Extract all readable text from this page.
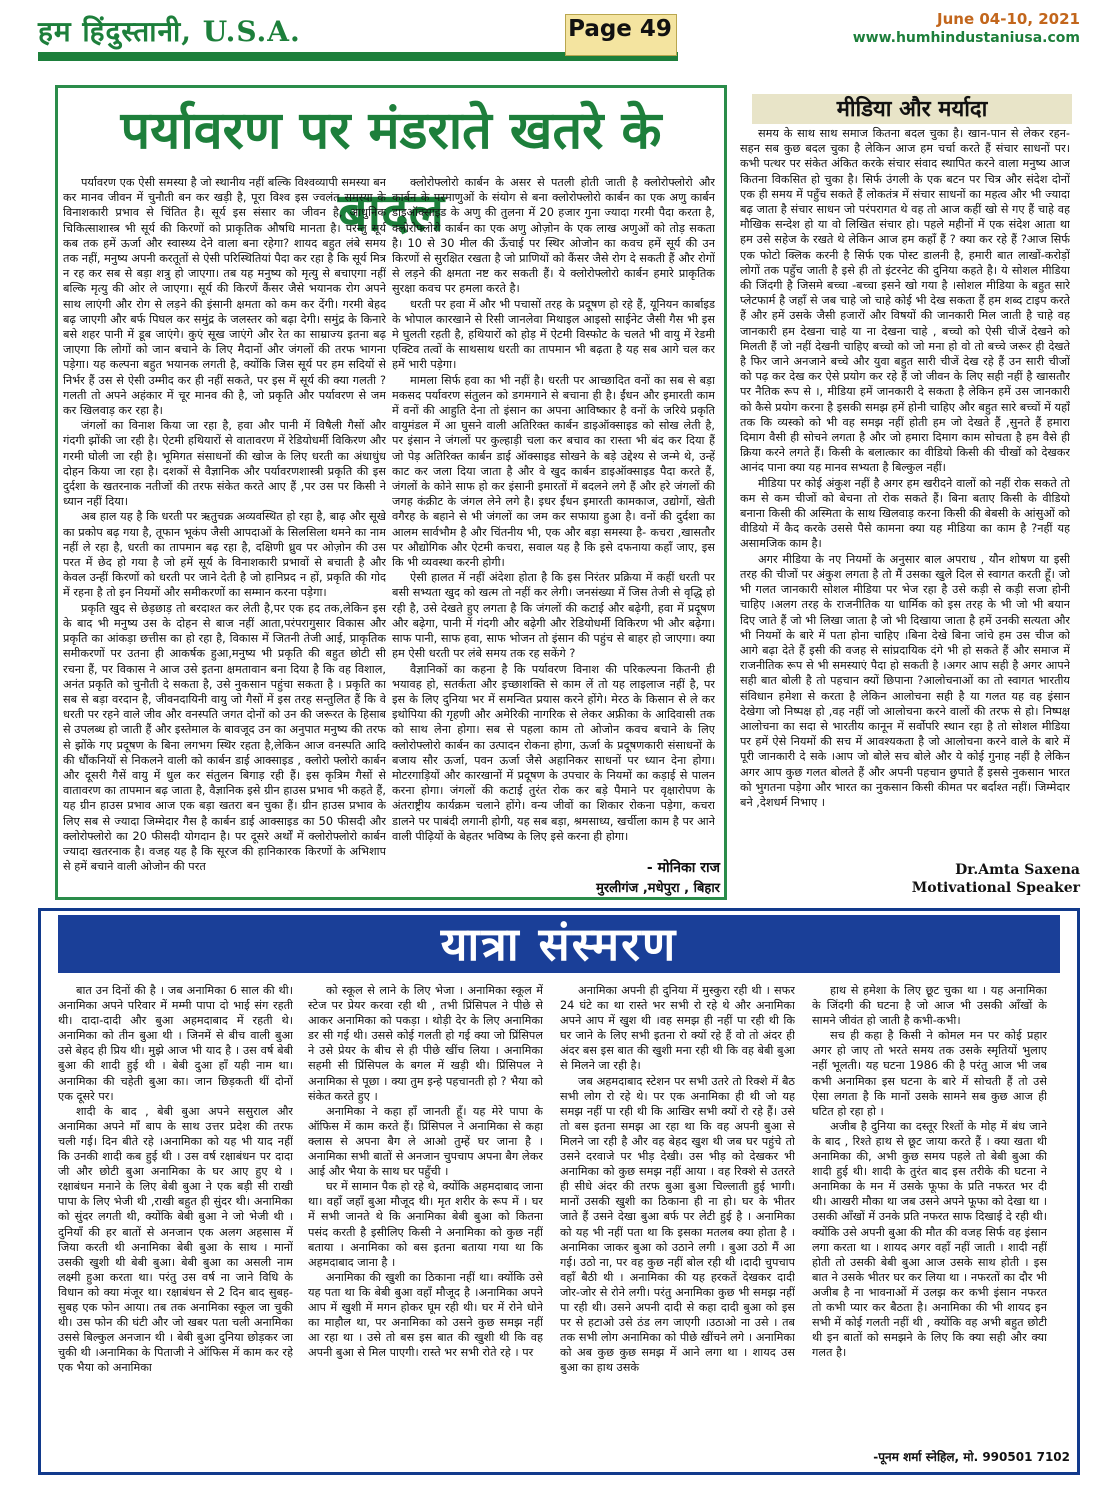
हम हिंदुस्तानी, U.S.A.	Page 49	June 04-10, 2021
www.humhindustaniusa.com
पर्यावरण पर मंडराते खतरे के बादल

पर्यावरण एक ऐसी समस्या है जो स्थानीय नहीं बल्कि विश्वव्यापी समस्या बन कर मानव जीवन में चुनौती बन कर खड़ी है, पूरा विश्व इस ज्वलंत समस्या के विनाशकारी प्रभाव से चिंतित है। सूर्य इस संसार का जीवन है, आधुनिक चिकित्साशास्त्र भी सूर्य की किरणों को प्राकृतिक औषधि मानता है। परन्तु सूर्य कब तक हमें ऊर्जा और स्वास्थ्य देने वाला बना रहेगा? शायद बहुत लंबे समय तक नहीं, मनुष्य अपनी करतूतों से ऐसी परिस्थितियां पैदा कर रहा है कि सूर्य मित्र न रह कर सब से बड़ा शत्रु हो जाएगा। तब यह मनुष्य को मृत्यु से बचाएगा नहीं बल्कि मृत्यु की ओर ले जाएगा। सूर्य की किरणें कैंसर जैसे भयानक रोग अपने साथ लाएंगी और रोग से लड़ने की इंसानी क्षमता को कम कर देंगी। गरमी बेहद बढ़ जाएगी और बर्फ पिघल कर समुंद्र के जलस्तर को बढ़ा देगी। समुंद्र के किनारे बसे शहर पानी में डूब जाएंगे। कुएं सूख जाएंगे और रेत का साम्राज्य इतना बढ़ जाएगा कि लोगों को जान बचाने के लिए मैदानों और जंगलों की तरफ भागना पड़ेगा। यह कल्पना बहुत भयानक लगती है, क्योंकि जिस सूर्य पर हम सदियों से निर्भर हैं उस से ऐसी उम्मीद कर ही नहीं सकते, पर इस में सूर्य की क्या गलती ? गलती तो अपने अहंकार में चूर मानव की है, जो प्रकृति और पर्यावरण से जम कर खिलवाड़ कर रहा है।

जंगलों का विनाश किया जा रहा है, हवा और पानी में विषैली गैसों और गंदगी झोंकी जा रही है। ऐटमी हथियारों से वातावरण में रेडियोधर्मी विकिरण और गरमी घोली जा रही है। भूमिगत संसाधनों की खोज के लिए धरती का अंधाधुंध दोहन किया जा रहा है। दशकों से वैज्ञानिक और पर्यावरणशास्त्री प्रकृति की इस दुर्दशा के खतरनाक नतीजों की तरफ संकेत करते आए हैं ,पर उस पर किसी ने ध्यान नहीं दिया।

अब हाल यह है कि धरती पर ऋतुचक्र अव्यवस्थित हो रहा है, बाढ़ और सूखे का प्रकोप बढ़ गया है, तूफान भूकंप जैसी आपदाओं के सिलसिला थमने का नाम नहीं ले रहा है, धरती का तापमान बढ़ रहा है, दक्षिणी ध्रुव पर ओज़ोन की उस परत में छेद हो गया है जो हमें सूर्य के विनाशकारी प्रभावों से बचाती है और केवल उन्हीं किरणों को धरती पर जाने देती है जो हानिप्रद न हों, प्रकृति की गोद में रहना है तो इन नियमों और समीकरणों का सम्मान करना पड़ेगा।

प्रकृति खुद से छेड़छाड़ तो बरदाश्त कर लेती है,पर एक हद तक,लेकिन इस के बाद भी मनुष्य उस के दोहन से बाज नहीं आता,परंपरागुसार विकास और प्रकृति का आंकड़ा छत्तीस का हो रहा है, विकास में जितनी तेजी आई, प्राकृतिक समीकरणों पर उतना ही आकर्षक हुआ,मनुष्य भी प्रकृति की बहुत छोटी सी रचना हैं, पर विकास ने आज उसे इतना क्षमतावान बना दिया है कि वह विशाल, अनंत प्रकृति को चुनौती दे सकता है, उसे नुकसान पहुंचा सकता है । प्रकृति का सब से बड़ा वरदान है, जीवनदायिनी वायु जो गैसों में इस तरह सन्तुलित हैं कि वे धरती पर रहने वाले जीव और वनस्पति जगत दोनों को उन की जरूरत के हिसाब से उपलब्ध हो जाती हैं और इस्तेमाल के बावजूद उन का अनुपात मनुष्य की तरफ से झोंके गए प्रदूषण के बिना लगभग स्थिर रहता है,लेकिन आज वनस्पति आदि की धौंकनियों से निकलने वाली को कार्बन डाई आक्साइड , क्लोरो फ्लोरो कार्बन और दूसरी गैसें वायु में धुल कर संतुलन बिगाड़ रही हैं। इस कृत्रिम गैसों से वातावरण का तापमान बढ़ जाता है, वैज्ञानिक इसे ग्रीन हाउस प्रभाव भी कहते हैं, यह ग्रीन हाउस प्रभाव आज एक बड़ा खतरा बन चुका हैं। ग्रीन हाउस प्रभाव के लिए सब से ज्यादा जिम्मेदार गैस है कार्बन डाई आक्साइड का 50 फीसदी और क्लोरोफ्लोरो का 20 फीसदी योगदान है। पर दूसरे अर्थों में क्लोरोफ्लोरो कार्बन ज्यादा खतरनाक है। वजह यह है कि सूरज की हानिकारक किरणों के अभिशाप से हमें बचाने वाली ओजोन की परत

क्लोरोफ्लोरो कार्बन के असर से पतली होती जाती है क्लोरोफ्लोरो और कार्बन के परमाणुओं के संयोग से बना क्लोरोफ्लोरो कार्बन का एक अणु कार्बन डाइऑक्साइड के अणु की तुलना में 20 हजार गुना ज्यादा गरमी पैदा करता है, क्लोरोफ्लोरो कार्बन का एक अणु ओज़ोन के एक लाख अणुओं को तोड़ सकता है। 10 से 30 मील की ऊँचाई पर स्थिर ओजोन का कवच हमें सूर्य की उन किरणों से सुरक्षित रखता है जो प्राणियों को कैंसर जैसे रोग दे सकती हैं और रोगों से लड़ने की क्षमता नष्ट कर सकती हैं। ये क्लोरोफ्लोरो कार्बन हमारे प्राकृतिक सुरक्षा कवच पर हमला करते है।

धरती पर हवा में और भी पचासों तरह के प्रदूषण हो रहे हैं, यूनियन कार्बाइड के भोपाल कारखाने से रिसी जानलेवा मिथाइल आइसो साईनेट जैसी गैस भी इस मे घुलती रहती है, हथियारों को होड़ में ऐटमी विस्फोट के चलते भी वायु में रेडमी एक्टिव तत्वों के साथसाथ धरती का तापमान भी बढ़ता है यह सब आगे चल कर हमें भारी पड़ेगा।

मामला सिर्फ हवा का भी नहीं है। धरती पर आच्छादित वनों का सब से बड़ा मकसद पर्यावरण संतुलन को डगमगाने से बचाना ही है। ईंधन और इमारती काम में वनों की आहुति देना तो इंसान का अपना आविष्कार है वनों के जरिये प्रकृति वायुमंडल में आ घुसने वाली अतिरिक्त कार्बन डाइऑक्साइड को सोख लेती है, पर इंसान ने जंगलों पर कुल्हाड़ी चला कर बचाव का रास्ता भी बंद कर दिया हैं जो पेड़ अतिरिक्त कार्बन डाई ऑक्साइड सोखने के बड़े उद्देश्य से जन्मे थे, उन्हें काट कर जला दिया जाता है और वे खुद कार्बन डाइऑक्साइड पैदा करते हैं, जंगलों के कोने साफ हो कर इंसानी इमारतों में बदलने लगे हैं और हरे जंगलों की जगह कंक्रीट के जंगल लेने लगे है। इधर ईंधन इमारती कामकाज, उद्योगों, खेती वगैरह के बहाने से भी जंगलों का जम कर सफाया हुआ है। वनों की दुर्दशा का आलम सार्वभौम है और चिंतनीय भी, एक और बड़ा समस्या है- कचरा ,खासतौर पर औद्योगिक और ऐटमी कचरा, सवाल यह है कि इसे दफनाया कहाँ जाए, इस कि भी व्यवस्था करनी होगी।

ऐसी हालत में नहीं अंदेशा होता है कि इस निरंतर प्रक्रिया में कहीं धरती पर बसी सभ्यता खुद को खत्म तो नहीं कर लेगी। जनसंख्या में जिस तेजी से वृद्धि हो रही है, उसे देखते हुए लगता है कि जंगलों की कटाई और बढ़ेगी, हवा में प्रदूषण और बढ़ेगा, पानी में गंदगी और बढ़ेगी और रेडियोधर्मी विकिरण भी और बढ़ेगा। साफ पानी, साफ हवा, साफ भोजन तो इंसान की पहुंच से बाहर हो जाएगा। क्या हम ऐसी धरती पर लंबे समय तक रह सकेंगे ?

वैज्ञानिकों का कहना है कि पर्यावरण विनाश की परिकल्पना कितनी ही भयावह हो, सतर्कता और इच्छाशक्ति से काम लें तो यह लाइलाज नहीं है, पर इस के लिए दुनिया भर में समन्वित प्रयास करने होंगे। मेरठ के किसान से ले कर इथोपिया की गृहणी और अमेरिकी नागरिक से लेकर अफ्रीका के आदिवासी तक को साथ लेना होगा। सब से पहला काम तो ओजोन कवच बचाने के लिए क्लोरोफ्लोरो कार्बन का उत्पादन रोकना होगा, ऊर्जा के प्रदूषणकारी संसाधनों के बजाय सौर ऊर्जा, पवन ऊर्जा जैसे अहानिकर साधनों पर ध्यान देना होगा। मोटरगाड़ियों और कारखानों में प्रदूषण के उपचार के नियमों का कड़ाई से पालन करना होगा। जंगलों की कटाई तुरंत रोक कर बड़े पैमाने पर वृक्षारोपण के अंतराष्ट्रीय कार्यक्रम चलाने होंगे। वन्य जीवों का शिकार रोकना पड़ेगा, कचरा डालने पर पाबंदी लगानी होगी, यह सब बड़ा, श्रमसाध्य, खर्चीला काम है पर आने वाली पीढ़ियों के बेहतर भविष्य के लिए इसे करना ही होगा।

- मोनिका राज
मुरलीगंज ,मधेपुरा , बिहार
मीडिया और मर्यादा

समय के साथ साथ समाज कितना बदल चुका है। खान-पान से लेकर रहन-सहन सब कुछ बदल चुका है लेकिन आज हम चर्चा करते हैं संचार साधनों पर। कभी पत्थर पर संकेत अंकित करके संचार संवाद स्थापित करने वाला मनुष्य आज कितना विकसित हो चुका है। सिर्फ उंगली के एक बटन पर चित्र और संदेश दोनों एक ही समय में पहुँच सकते हैं लोकतंत्र में संचार साधनों का महत्व और भी ज्यादा बढ़ जाता है संचार साधन जो परंपरागत थे वह तो आज कहीं खो से गए हैं चाहे वह मौखिक सन्देश हो या वो लिखित संचार हो। पहले महीनों में एक संदेश आता था हम उसे सहेज के रखते थे लेकिन आज हम कहाँ हैं ? क्या कर रहे हैं ?आज सिर्फ एक फोटो क्लिक करनी है सिर्फ एक पोस्ट डालनी है, हमारी बात लाखों-करोड़ों लोगों तक पहुँच जाती है इसे ही तो इंटरनेट की दुनिया कहते है। ये सोशल मीडिया की जिंदगी है जिसमे बच्चा -बच्चा इसने खो गया है ।सोशल मीडिया के बहुत सारे प्लेटफार्म है जहाँ से जब चाहे जो चाहे कोई भी देख सकता हैं हम शब्द टाइप करते हैं और हमें उसके जैसी हजारों और विषयों की जानकारी मिल जाती है चाहे वह जानकारी हम देखना चाहे या ना देखना चाहे , बच्चो को ऐसी चीजें देखने को मिलती हैं जो नहीं देखनी चाहिए बच्चो को जो मना हो वो तो बच्चे जरूर ही देखते है फिर जाने अनजाने बच्चे और युवा बहुत सारी चीजें देख रहे हैं उन सारी चीजों को पढ़ कर देख कर ऐसे प्रयोग कर रहे हैं जो जीवन के लिए सही नहीं है खासतौर पर नैतिक रूप से ।, मीडिया हमें जानकारी दे सकता है लेकिन हमें उस जानकारी को कैसे प्रयोग करना है इसकी समझ हमें होनी चाहिए और बहुत सारे बच्चों में यहाँ तक कि व्यस्को को भी वह समझ नहीं होती हम जो देखते हैं ,सुनते हैं हमारा दिमाग वैसी ही सोचने लगता है और जो हमारा दिमाग काम सोचता है हम वैसे ही क्रिया करने लगते हैं। किसी के बलात्कार का वीडियो किसी की चीखों को देखकर आनंद पाना क्या यह मानव सभ्यता है बिल्कुल नहीं।

मीडिया पर कोई अंकुश नहीं है अगर हम खरीदने वालों को नहीं रोक सकते तो कम से कम चीजों को बेचना तो रोक सकते हैं। बिना बताए किसी के वीडियो बनाना किसी की अस्मिता के साथ खिलवाड़ करना किसी की बेबसी के आंसुओं को वीडियो में कैद करके उससे पैसे कामना क्या यह मीडिया का काम है ?नहीं यह असामजिक काम है।

अगर मीडिया के नए नियमों के अनुसार बाल अपराध , यौन शोषण या इसी तरह की चीजों पर अंकुश लगता है तो मैं उसका खुले दिल से स्वागत करती हूँ। जो भी गलत जानकारी सोशल मीडिया पर भेज रहा है उसे कड़ी से कड़ी सजा होनी चाहिए ।अलग तरह के राजनीतिक या धार्मिक को इस तरह के भी जो भी बयान दिए जाते हैं जो भी लिखा जाता है जो भी दिखाया जाता है हमें उनकी सत्यता और भी नियमों के बारे में पता होना चाहिए ।बिना देखे बिना जांचे हम उस चीज को आगे बढ़ा देते हैं इसी की वजह से सांप्रदायिक दंगे भी हो सकते हैं और समाज में राजनीतिक रूप से भी समस्याएं पैदा हो सकती है ।अगर आप सही है अगर आपने सही बात बोली है तो पहचान क्यों छिपाना ?आलोचनाओं का तो स्वागत भारतीय संविधान हमेशा से करता है लेकिन आलोचना सही है या गलत यह वह इंसान देखेगा जो निष्पक्ष हो ,वह नहीं जो आलोचना करने वालों की तरफ से हो। निष्पक्ष आलोचना का सदा से भारतीय कानून में सर्वोपरि स्थान रहा है तो सोशल मीडिया पर हमें ऐसे नियमों की सच में आवश्यकता है जो आलोचना करने वाले के बारे में पूरी जानकारी दे सके ।आप जो बोले सच बोले और ये कोई गुनाह नहीं है लेकिन अगर आप कुछ गलत बोलते हैं और अपनी पहचान छुपाते हैं इससे नुकसान भारत को भुगतना पड़ेगा और भारत का नुकसान किसी कीमत पर बर्दाश्त नहीं। जिम्मेदार बने ,देशधर्म निभाए ।

Dr.Amta Saxena
Motivational Speaker
यात्रा संस्मरण

बात उन दिनों की है । जब अनामिका 6 साल की थी। अनामिका अपने परिवार में मम्मी पापा दो भाई संग रहती थी। दादा-दादी और बुआ अहमदाबाद में रहती थे। अनामिका को तीन बुआ थी । जिनमें से बीच वाली बुआ उसे बेहद ही प्रिय थी। मुझे आज भी याद है । उस वर्ष बेबी बुआ की शादी हुई थी । बेबी दुआ हाँ यही नाम था। अनामिका की चहेती बुआ का। जान छिड़कती थीं दोनों एक दूसरे पर।

शादी के बाद , बेबी बुआ अपने ससुराल और अनामिका अपने माँ बाप के साथ उत्तर प्रदेश की तरफ चली गई। दिन बीते रहे ।अनामिका को यह भी याद नहीं कि उनकी शादी कब हुई थी । उस वर्ष रक्षाबंधन पर दादा जी और छोटी बुआ अनामिका के घर आए हुए थे । रक्षाबंधन मनाने के लिए बेबी बुआ ने एक बड़ी सी राखी पापा के लिए भेजी थी ,राखी बहुत ही सुंदर थी। अनामिका को सुंदर लगती थी, क्योंकि बेबी बुआ ने जो भेजी थी । दुनियाँ की हर बातों से अनजान एक अलग अहसास में जिया करती थी अनामिका बेबी बुआ के साथ । मानों उसकी खुशी थी बेबी बुआ। बेबी बुआ का असली नाम लक्ष्मी हुआ करता था। परंतु उस वर्ष ना जाने विधि के विधान को क्या मंजूर था। रक्षाबंधन से 2 दिन बाद सुबह-सुबह एक फोन आया। तब तक अनामिका स्कूल जा चुकी थी। उस फोन की घंटी और जो खबर पता चली अनामिका उससे बिल्कुल अनजान थी । बेबी बुआ दुनिया छोड़कर जा चुकी थी ।अनामिका के पिताजी ने ऑफिस में काम कर रहे एक भैया को अनामिका

को स्कूल से लाने के लिए भेजा । अनामिका स्कूल में स्टेज पर प्रेयर करवा रही थी , तभी प्रिंसिपल ने पीछे से आकर अनामिका को पकड़ा । थोड़ी देर के लिए अनामिका डर सी गई थी। उससे कोई गलती हो गई क्या जो प्रिंसिपल ने उसे प्रेयर के बीच से ही पीछे खींच लिया । अनामिका सहमी सी प्रिंसिपल के बगल में खड़ी थी। प्रिंसिपल ने अनामिका से पूछा । क्या तुम इन्हे पहचानती हो ? भैया को संकेत करते हुए ।

अनामिका ने कहा हाँ जानती हूँ। यह मेरे पापा के ऑफिस में काम करते हैं। प्रिंसिपल ने अनामिका से कहा क्लास से अपना बैग ले आओ तुम्हें घर जाना है । अनामिका सभी बातों से अनजान चुपचाप अपना बैग लेकर आई और भैया के साथ घर पहुँची ।

घर में सामान पैक हो रहे थे, क्योंकि अहमदाबाद जाना था। वहाँ जहाँ बुआ मौजूद थी। मृत शरीर के रूप में । घर में सभी जानते थे कि अनामिका बेबी बुआ को कितना पसंद करती है इसीलिए किसी ने अनामिका को कुछ नहीं बताया । अनामिका को बस इतना बताया गया था कि अहमदाबाद जाना है ।

अनामिका की खुशी का ठिकाना नहीं था। क्योंकि उसे यह पता था कि बेबी बुआ वहाँ मौजूद है ।अनामिका अपने आप में खुशी में मगन होकर घूम रही थी। घर में रोने धोने का माहौल था, पर अनामिका को उसने कुछ समझ नहीं आ रहा था । उसे तो बस इस बात की खुशी थी कि वह अपनी बुआ से मिल पाएगी। रास्ते भर सभी रोते रहे । पर

अनामिका अपनी ही दुनिया में मुस्कुरा रही थी । सफर 24 घंटे का था रास्ते भर सभी रो रहे थे और अनामिका अपने आप में खुश थी ।वह समझ ही नहीं पा रही थी कि घर जाने के लिए सभी इतना रो क्यों रहे हैं वो तो अंदर ही अंदर बस इस बात की खुशी मना रही थी कि वह बेबी बुआ से मिलने जा रही है।

जब अहमदाबाद स्टेशन पर सभी उतरे तो रिक्शे में बैठ सभी लोग रो रहे थे। पर एक अनामिका ही थी जो यह समझ नहीं पा रही थी कि आखिर सभी क्यों रो रहे हैं। उसे तो बस इतना समझ आ रहा था कि वह अपनी बुआ से मिलने जा रही है और वह बेहद खुश थी जब घर पहुंचे तो उसने दरवाजे पर भीड़ देखी। उस भीड़ को देखकर भी अनामिका को कुछ समझ नहीं आया । वह रिक्शे से उतरते ही सीधे अंदर की तरफ बुआ बुआ चिल्लाती हुई भागी। मानों उसकी खुशी का ठिकाना ही ना हो। घर के भीतर जाते हैं उसने देखा बुआ बर्फ पर लेटी हुई है । अनामिका को यह भी नहीं पता था कि इसका मतलब क्या होता है ।अनामिका जाकर बुआ को उठाने लगी । बुआ उठो मैं आ गई। उठो ना, पर वह कुछ नहीं बोल रही थी ।दादी चुपचाप वहाँ बैठी थी । अनामिका की यह हरकतें देखकर दादी जोर-जोर से रोने लगी। परंतु अनामिका कुछ भी समझ नहीं पा रही थी। उसने अपनी दादी से कहा दादी बुआ को इस पर से हटाओ उसे ठंड लग जाएगी ।उठाओ ना उसे । तब तक सभी लोग अनामिका को पीछे खींचने लगे । अनामिका को अब कुछ कुछ समझ में आने लगा था । शायद उस बुआ का हाथ उसके

हाथ से हमेशा के लिए छूट चुका था । यह अनामिका के जिंदगी की घटना है जो आज भी उसकी आँखों के सामने जीवंत हो जाती है कभी-कभी।

सच ही कहा है किसी ने कोमल मन पर कोई प्रहार अगर हो जाए तो भरते समय तक उसके स्मृतियों भुलाए नहीं भूलती। यह घटना 1986 की है परंतु आज भी जब कभी अनामिका इस घटना के बारे में सोचती हैं तो उसे ऐसा लगता है कि मानों उसके सामने सब कुछ आज ही घटित हो रहा हो ।

अजीब है दुनिया का दस्तूर रिश्तों के मोह में बंध जाने के बाद , रिश्ते हाथ से छूट जाया करते हैं । क्या खता थी अनामिका की, अभी कुछ समय पहले तो बेबी बुआ की शादी हुई थी। शादी के तुरंत बाद इस तरीके की घटना ने अनामिका के मन में उसके फूफा के प्रति नफरत भर दी थी। आखरी मौका था जब उसने अपने फूफा को देखा था । उसकी आँखों में उनके प्रति नफरत साफ दिखाई दे रही थी। क्योंकि उसे अपनी बुआ की मौत की वजह सिर्फ वह इंसान लगा करता था । शायद अगर वहाँ नहीं जाती । शादी नहीं होती तो उसकी बेबी बुआ आज उसके साथ होती । इस बात ने उसके भीतर घर कर लिया था । नफरतों का दौर भी अजीब है ना भावनाओं में उलझ कर कभी इंसान नफरत तो कभी प्यार कर बैठता है। अनामिका की भी शायद इन सभी में कोई गलती नहीं थी , क्योंकि वह अभी बहुत छोटी थी इन बातों को समझने के लिए कि क्या सही और क्या गलत है।

-पूनम शर्मा स्नेहिल, मो. 990501 7102
